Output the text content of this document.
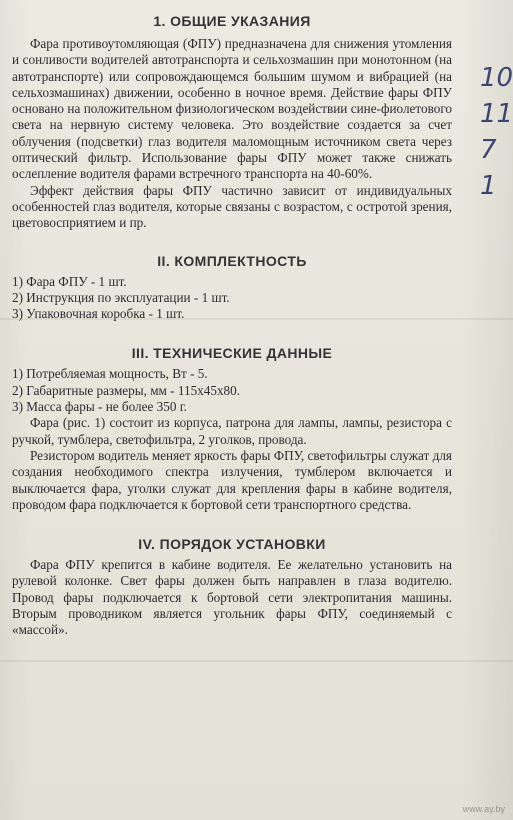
1. ОБЩИЕ УКАЗАНИЯ

Фара противоутомляющая (ФПУ) предназначена для снижения утомления и сонливости водителей автотранспорта и сельхозмашин при монотонном (на автотранспорте) или сопровождающемся большим шумом и вибрацией (на сельхозмашинах) движении, особенно в ночное время. Действие фары ФПУ основано на положительном физиологическом воздействии сине-фиолетового света на нервную систему человека. Это воздействие создается за счет облучения (подсветки) глаз водителя маломощным источником света через оптический фильтр. Использование фары ФПУ может также снижать ослепление водителя фарами встречного транспорта на 40-60%.

Эффект действия фары ФПУ частично зависит от индивидуальных особенностей глаз водителя, которые связаны с возрастом, с остротой зрения, цветовосприятием и пр.

II. КОМПЛЕКТНОСТЬ

1) Фара ФПУ - 1 шт.

2) Инструкция по эксплуатации - 1 шт.

3) Упаковочная коробка - 1 шт.

III. ТЕХНИЧЕСКИЕ ДАННЫЕ

1) Потребляемая мощность, Вт - 5.

2) Габаритные размеры, мм - 115х45х80.

3) Масса фары - не более 350 г.

Фара (рис. 1) состоит из корпуса, патрона для лампы, лампы, резистора с ручкой, тумблера, светофильтра, 2 уголков, провода.

Резистором водитель меняет яркость фары ФПУ, светофильтры служат для создания необходимого спектра излучения, тумблером включается и выключается фара, уголки служат для крепления фары в кабине водителя, проводом фара подключается к бортовой сети транспортного средства.

IV. ПОРЯДОК УСТАНОВКИ

Фара ФПУ крепится в кабине водителя. Ее желательно установить на рулевой колонке. Свет фары должен быть направлен в глаза водителю. Провод фары подключается к бортовой сети электропитания машины. Вторым проводником является угольник фары ФПУ, соединяемый с «массой».

10
11
7
1
www.ay.by
